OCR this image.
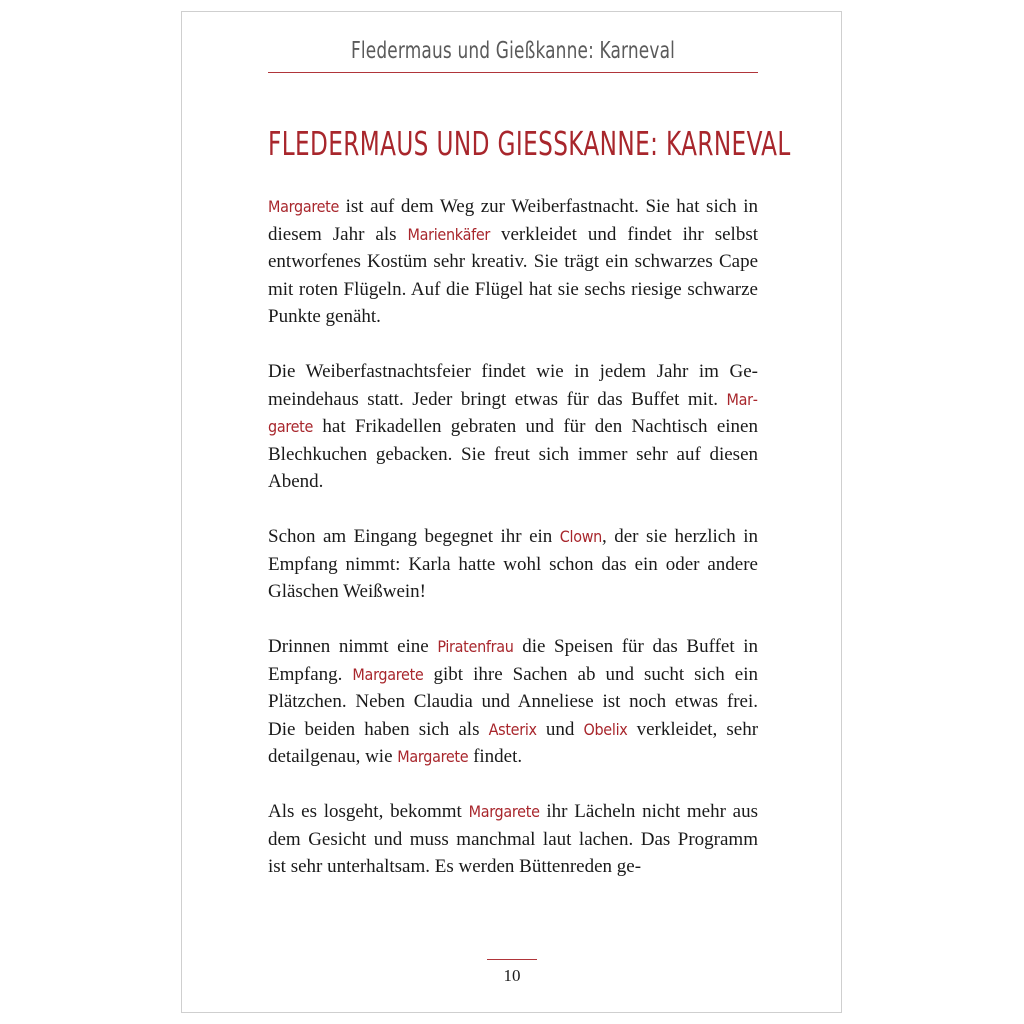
Fledermaus und Gießkanne: Karneval
FLEDERMAUS UND GIESSKANNE: KARNEVAL

Margarete ist auf dem Weg zur Weiberfastnacht. Sie hat sich in diesem Jahr als Marienkäfer verkleidet und findet ihr selbst entworfenes Kostüm sehr kreativ. Sie trägt ein schwarzes Cape mit roten Flügeln. Auf die Flügel hat sie sechs riesige schwarze Punkte genäht.

Die Weiberfastnachtsfeier findet wie in jedem Jahr im Gemeindehaus statt. Jeder bringt etwas für das Buffet mit. Margarete hat Frikadellen gebraten und für den Nachtisch einen Blechkuchen gebacken. Sie freut sich immer sehr auf diesen Abend.

Schon am Eingang begegnet ihr ein Clown, der sie herzlich in Empfang nimmt: Karla hatte wohl schon das ein oder andere Gläschen Weißwein!

Drinnen nimmt eine Piratenfrau die Speisen für das Buffet in Empfang. Margarete gibt ihre Sachen ab und sucht sich ein Plätzchen. Neben Claudia und Anneliese ist noch etwas frei. Die beiden haben sich als Asterix und Obelix verkleidet, sehr detailgenau, wie Margarete findet.

Als es losgeht, bekommt Margarete ihr Lächeln nicht mehr aus dem Gesicht und muss manchmal laut lachen. Das Programm ist sehr unterhaltsam. Es werden Büttenreden ge-

10
